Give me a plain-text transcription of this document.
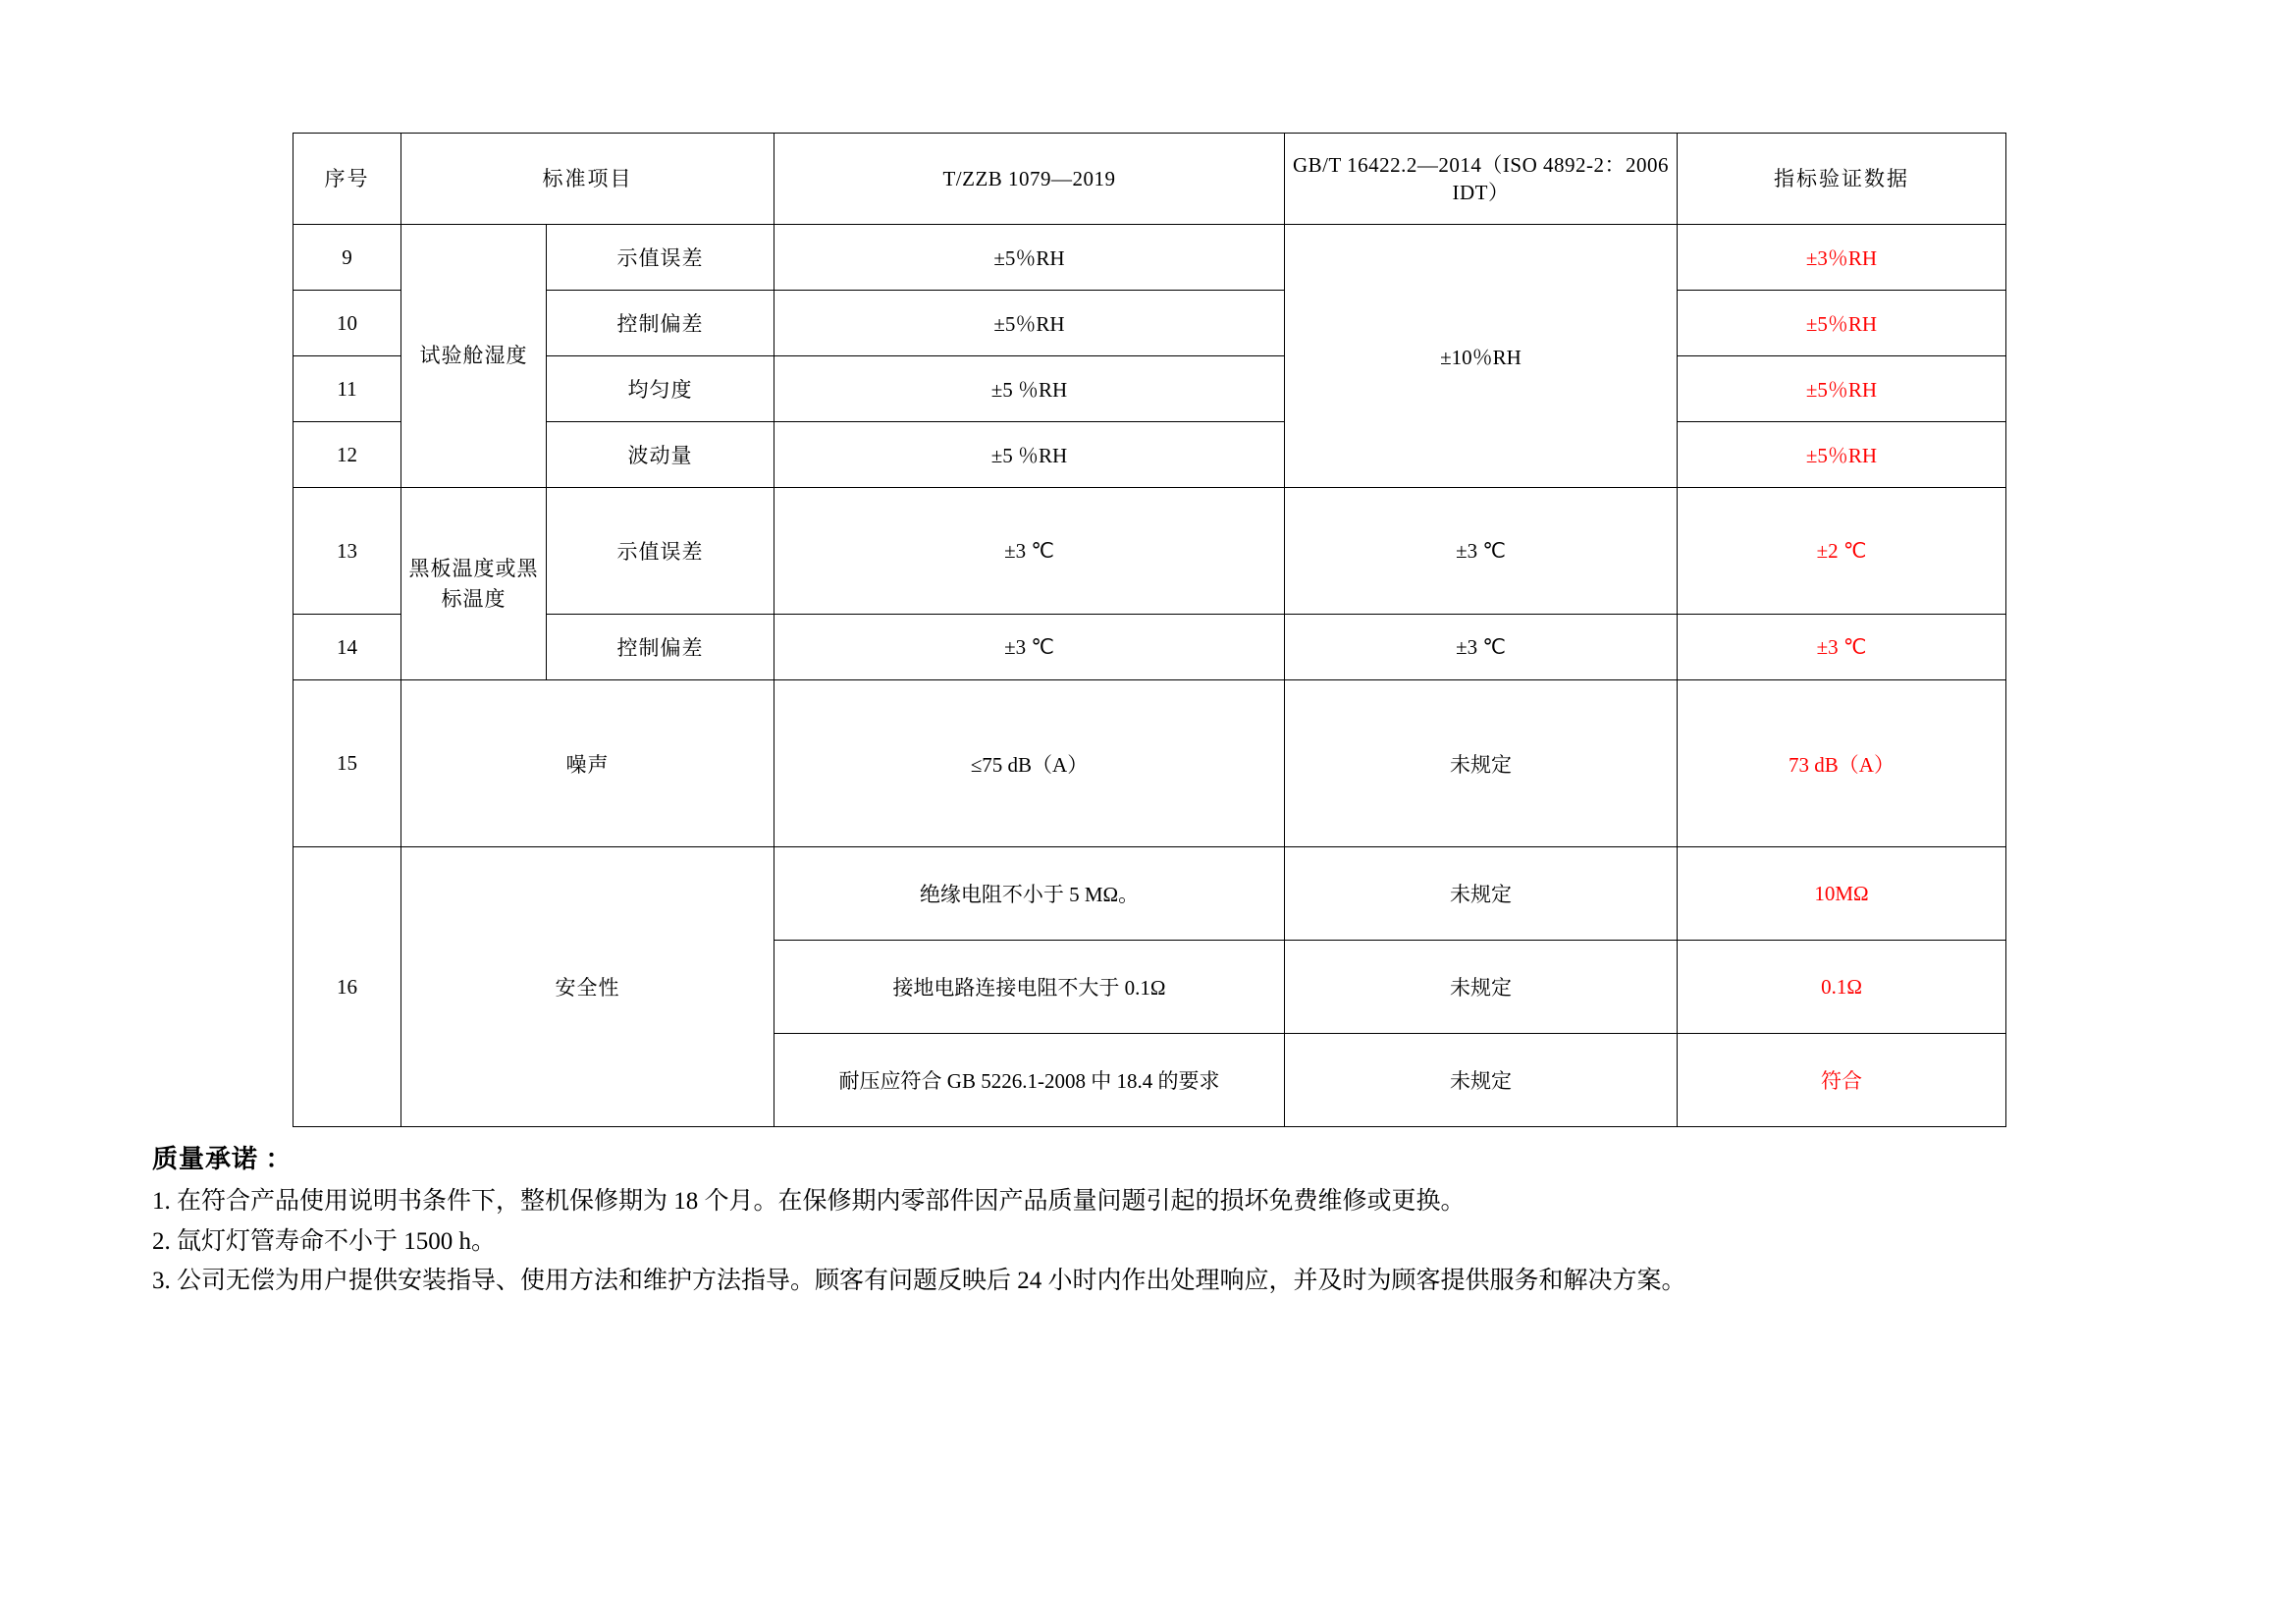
序号	标准项目		T/ZZB 1079—2019	GB/T 16422.2—2014（ISO 4892-2：2006 IDT）	指标验证数据
9	试验舱湿度	示值误差	±5％RH	±10％RH	±3％RH
10		控制偏差	±5％RH		±5％RH
11		均匀度	±5 ％RH		±5％RH
12		波动量	±5 ％RH		±5％RH
13	黑板温度或黑标温度	示值误差	±3 ℃	±3 ℃	±2 ℃
14		控制偏差	±3 ℃	±3 ℃	±3 ℃
15	噪声		≤75 dB（A）	未规定	73 dB（A）
16	安全性		绝缘电阻不小于 5 MΩ。	未规定	10MΩ
			接地电路连接电阻不大于 0.1Ω	未规定	0.1Ω
			耐压应符合 GB 5226.1-2008 中 18.4 的要求	未规定	符合

质量承诺 ：

1. 在符合产品使用说明书条件下，整机保修期为 18 个月。在保修期内零部件因产品质量问题引起的损坏免费维修或更换。

2. 氙灯灯管寿命不小于 1500 h。

3. 公司无偿为用户提供安装指导、使用方法和维护方法指导。顾客有问题反映后 24 小时内作出处理响应，并及时为顾客提供服务和解决方案。
